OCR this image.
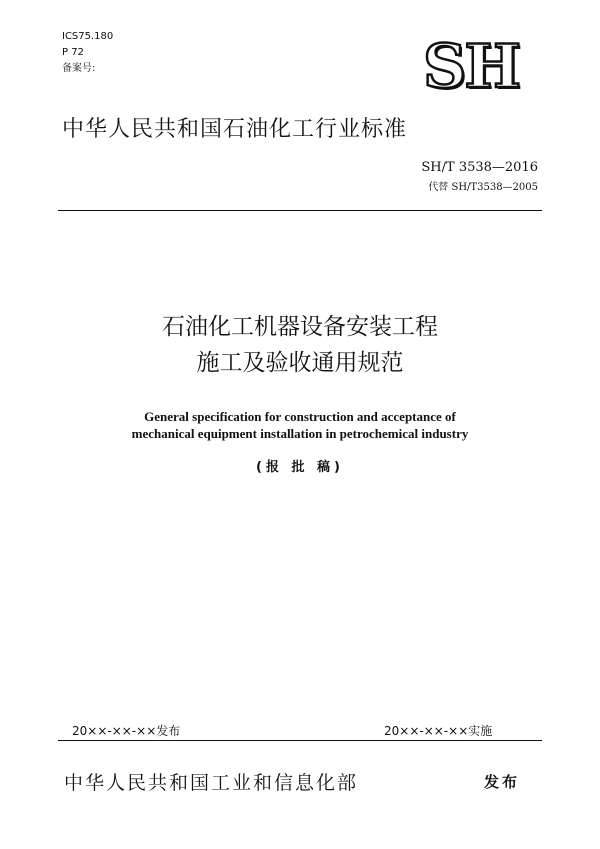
ICS75.180
P 72
备案号:	SH
中华人民共和国石油化工行业标准
SH/T 3538—2016
代替 SH/T3538—2005
石油化工机器设备安装工程
施工及验收通用规范
General specification for construction and acceptance of
mechanical equipment installation in petrochemical industry
(报 批 稿)
20××-××-××发布	20××-××-××实施
中华人民共和国工业和信息化部	发布
